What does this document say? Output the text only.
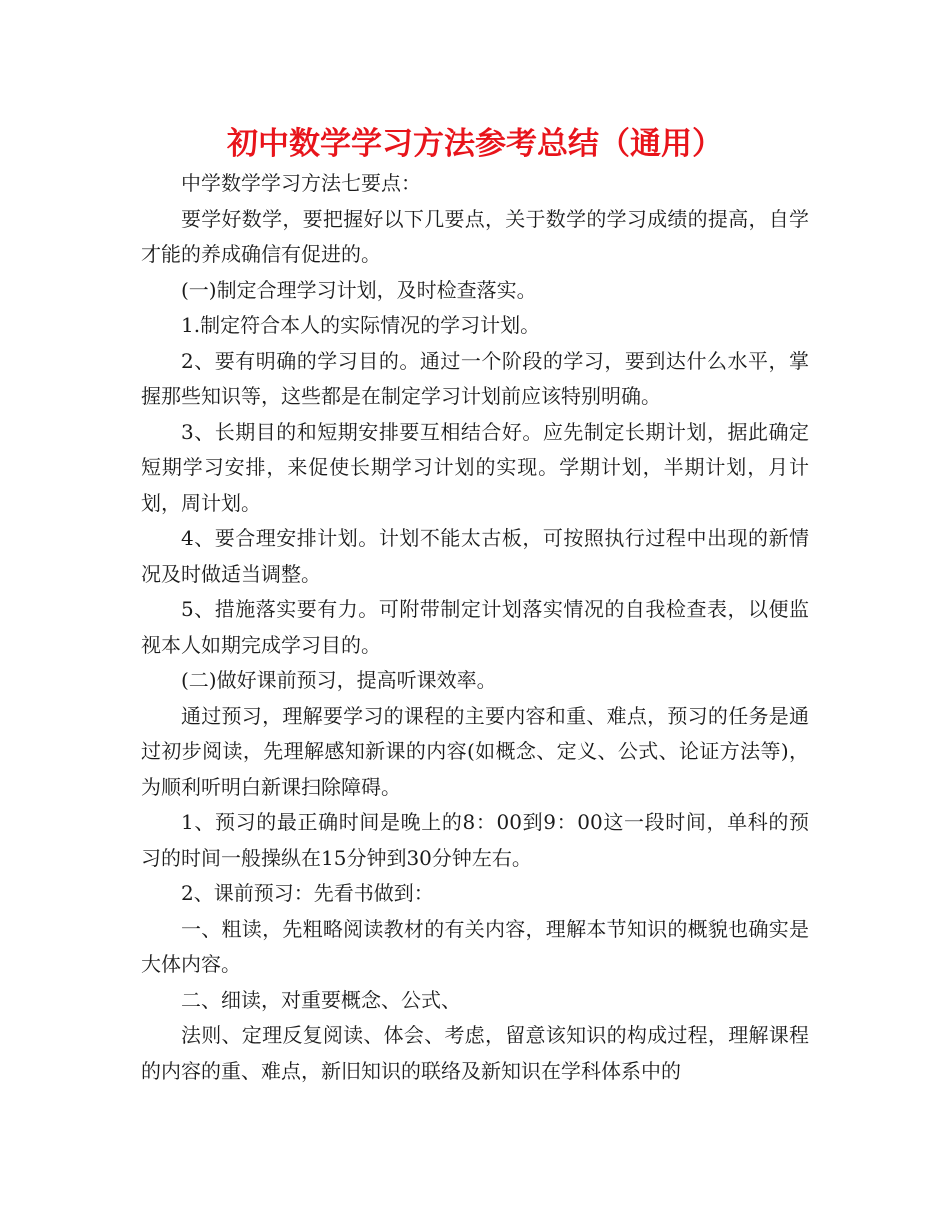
初中数学学习方法参考总结（通用）

中学数学学习方法七要点：

要学好数学，要把握好以下几要点，关于数学的学习成绩的提高，自学才能的养成确信有促进的。

(一)制定合理学习计划，及时检查落实。

1.制定符合本人的实际情况的学习计划。

2、要有明确的学习目的。通过一个阶段的学习，要到达什么水平，掌握那些知识等，这些都是在制定学习计划前应该特别明确。

3、长期目的和短期安排要互相结合好。应先制定长期计划，据此确定短期学习安排，来促使长期学习计划的实现。学期计划，半期计划，月计划，周计划。

4、要合理安排计划。计划不能太古板，可按照执行过程中出现的新情况及时做适当调整。

5、措施落实要有力。可附带制定计划落实情况的自我检查表，以便监视本人如期完成学习目的。

(二)做好课前预习，提高听课效率。

通过预习，理解要学习的课程的主要内容和重、难点，预习的任务是通过初步阅读，先理解感知新课的内容(如概念、定义、公式、论证方法等)，为顺利听明白新课扫除障碍。

1、预习的最正确时间是晚上的8：00到9：00这一段时间，单科的预习的时间一般操纵在15分钟到30分钟左右。

2、课前预习：先看书做到：

一、粗读，先粗略阅读教材的有关内容，理解本节知识的概貌也确实是大体内容。

二、细读，对重要概念、公式、

法则、定理反复阅读、体会、考虑，留意该知识的构成过程，理解课程的内容的重、难点，新旧知识的联络及新知识在学科体系中的
